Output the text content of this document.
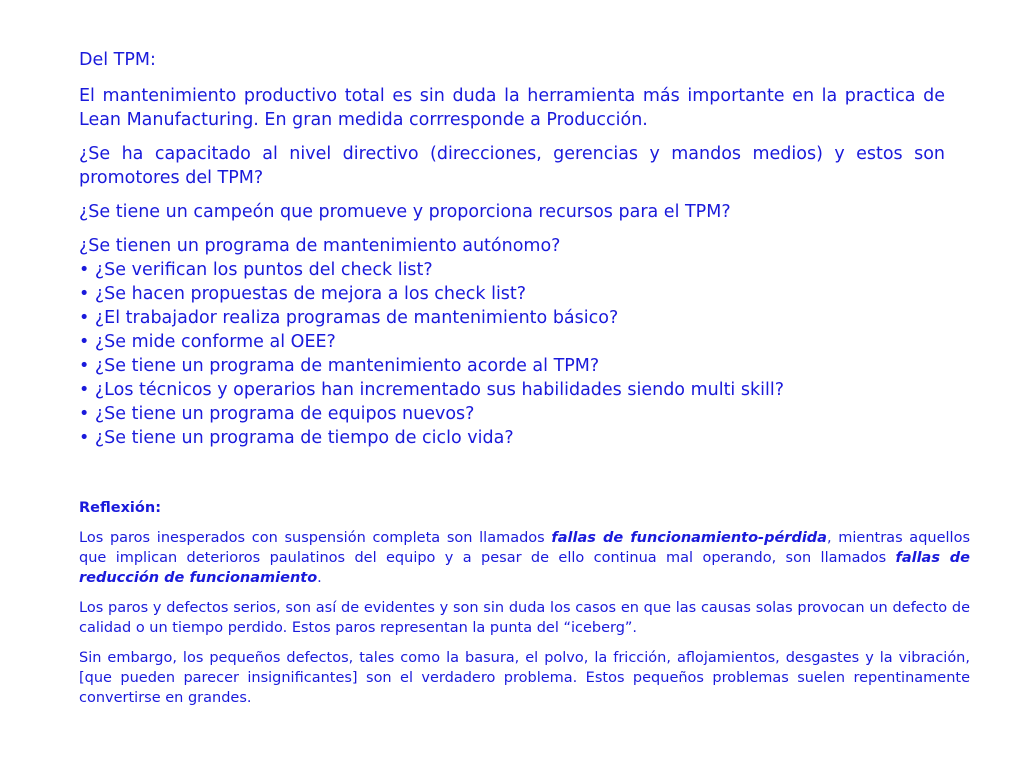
Del TPM:

El mantenimiento productivo total es sin duda la herramienta más importante en la practica de Lean Manufacturing. En gran medida corrresponde a Producción.

¿Se ha capacitado al nivel directivo (direcciones, gerencias y mandos medios) y estos son promotores del TPM?

¿Se tiene un campeón que promueve y proporciona recursos para el TPM?

¿Se tienen un programa de mantenimiento autónomo?
• ¿Se verifican los puntos del check list?
• ¿Se hacen propuestas de mejora a los check list?
• ¿El trabajador realiza programas de mantenimiento básico?
• ¿Se mide conforme al OEE?
• ¿Se tiene un programa de mantenimiento acorde al TPM?
• ¿Los técnicos y operarios han incrementado sus habilidades siendo multi skill?
• ¿Se tiene un programa de equipos nuevos?
• ¿Se tiene un programa de tiempo de ciclo vida?
Reflexión:

Los paros inesperados con suspensión completa son llamados fallas de funcionamiento-pérdida, mientras aquellos que implican deterioros paulatinos del equipo y a pesar de ello continua mal operando, son llamados fallas de reducción de funcionamiento.

Los paros y defectos serios, son así de evidentes y son sin duda los casos en que las causas solas provocan un defecto de calidad o un tiempo perdido. Estos paros representan la punta del “iceberg”.

Sin embargo, los pequeños defectos, tales como la basura, el polvo, la fricción, aflojamientos, desgastes y la vibración, [que pueden parecer insignificantes] son el verdadero problema. Estos pequeños problemas suelen repentinamente convertirse en grandes.
